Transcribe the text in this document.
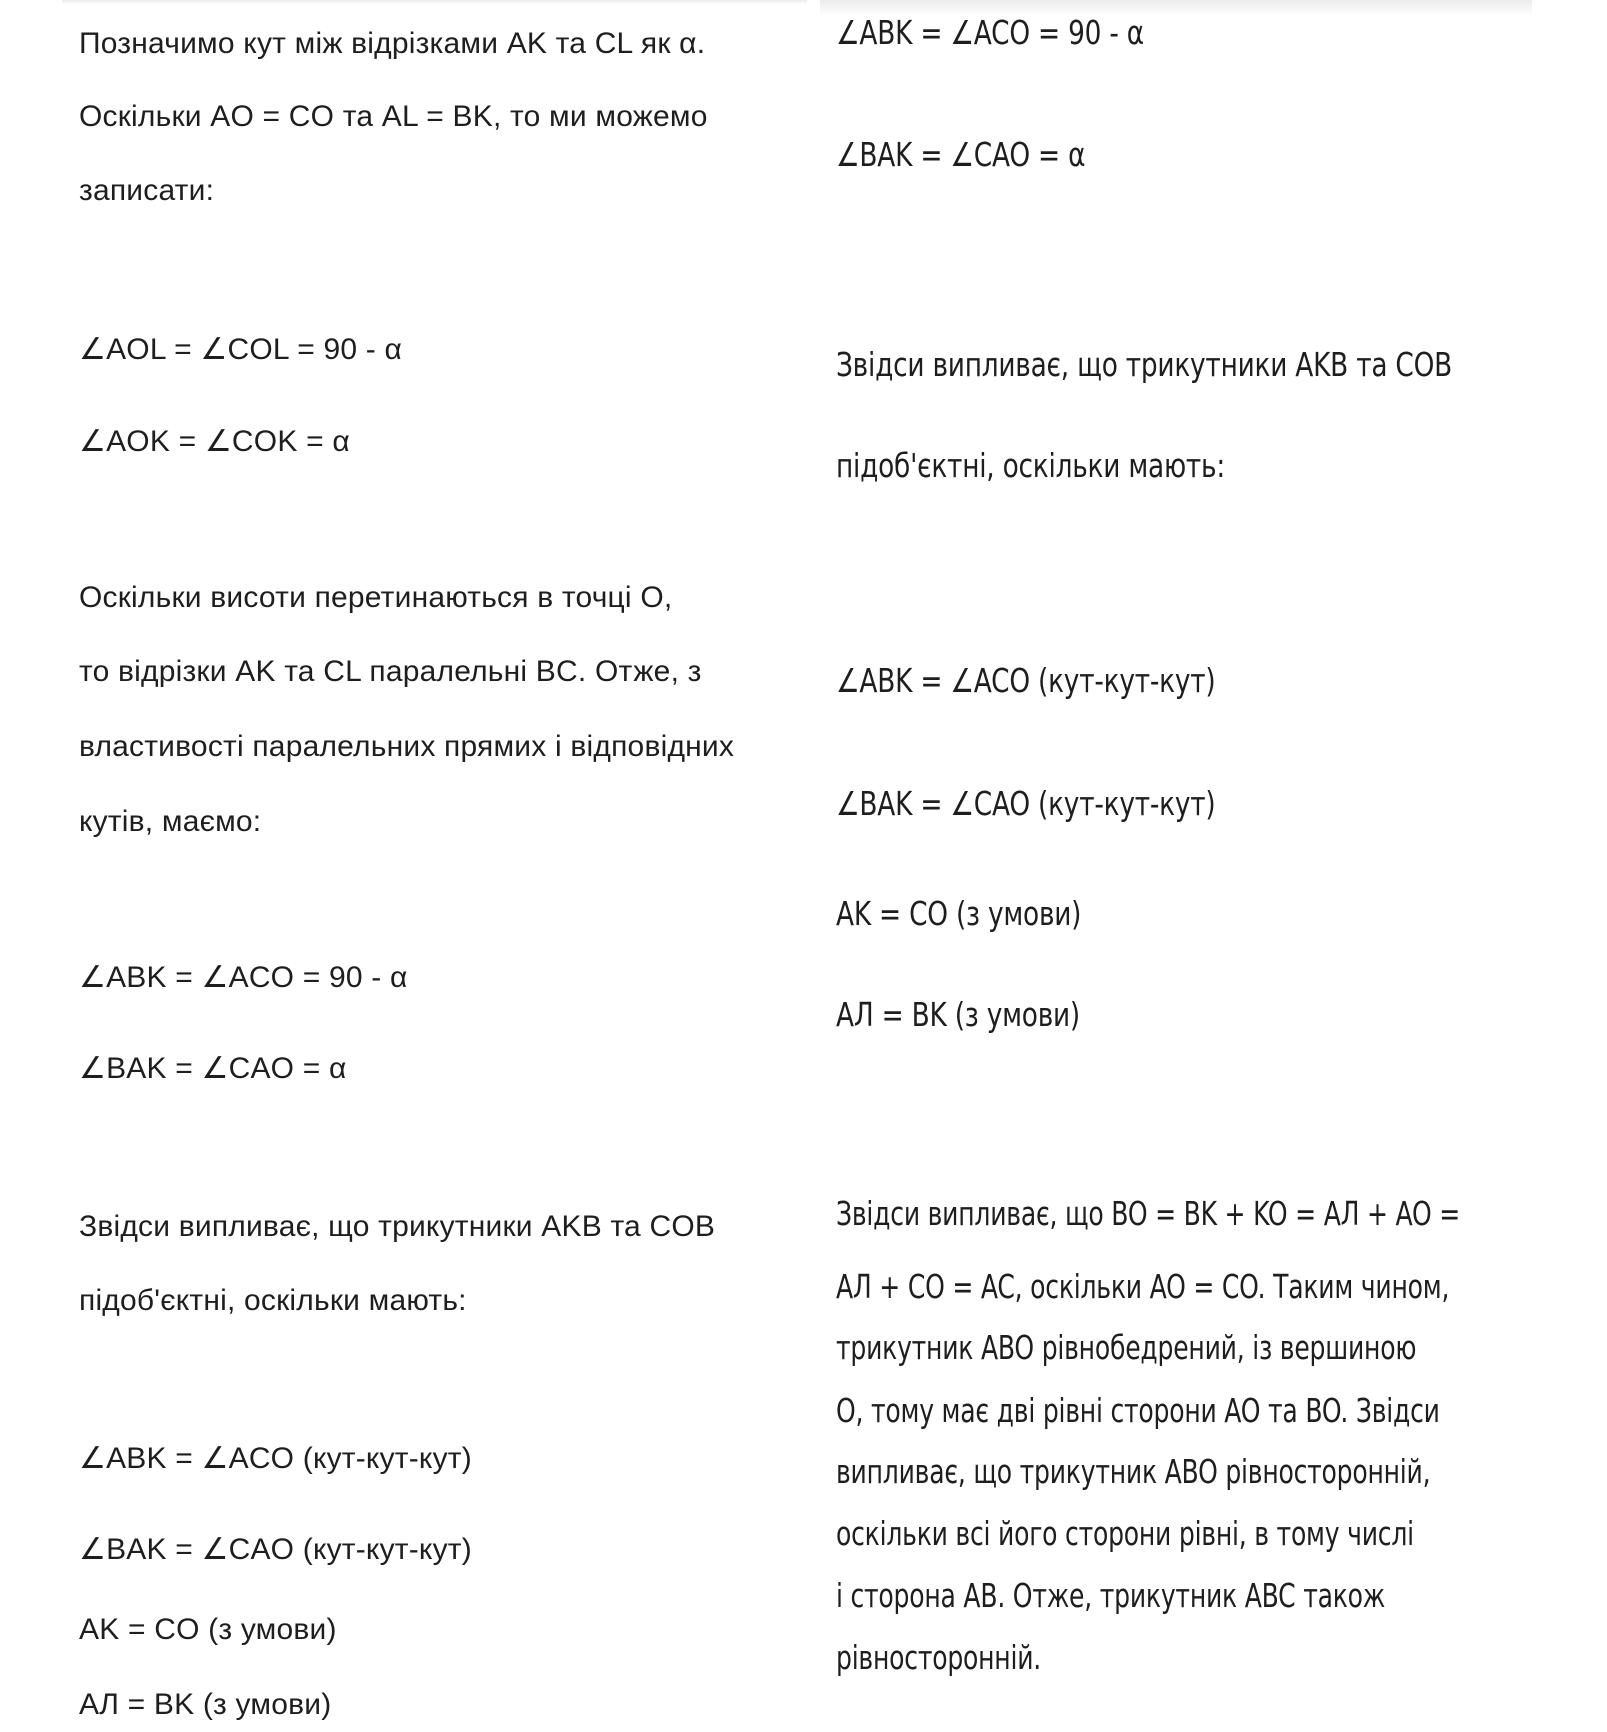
Позначимо кут між відрізками AK та CL як α.

Оскільки AO = CO та AL = BK, то ми можемо

записати:

∠AOL = ∠COL = 90 - α

∠AOK = ∠COK = α

Оскільки висоти перетинаються в точці O,

то відрізки AK та CL паралельні BC. Отже, з

властивості паралельних прямих і відповідних

кутів, маємо:

∠ABK = ∠ACO = 90 - α

∠BAK = ∠CAO = α

Звідси випливає, що трикутники AKB та COB

підоб'єктні, оскільки мають:

∠ABK = ∠ACO (кут-кут-кут)

∠BAK = ∠CAO (кут-кут-кут)

AK = CO (з умови)

AЛ = BK (з умови)

∠ABK = ∠ACO = 90 - α

∠BAK = ∠CAO = α

Звідси випливає, що трикутники AKB та COB

підоб'єктні, оскільки мають:

∠ABK = ∠ACO (кут-кут-кут)

∠BAK = ∠CAO (кут-кут-кут)

AK = CO (з умови)

AЛ = BK (з умови)

Звідси випливає, що BO = BK + KO = AЛ + AO =

AЛ + CO = AC, оскільки AO = CO. Таким чином,

трикутник ABO рівнобедрений, із вершиною

O, тому має дві рівні сторони AO та BO. Звідси

випливає, що трикутник ABO рівносторонній,

оскільки всі його сторони рівні, в тому числі

і сторона AB. Отже, трикутник ABC також

рівносторонній.
